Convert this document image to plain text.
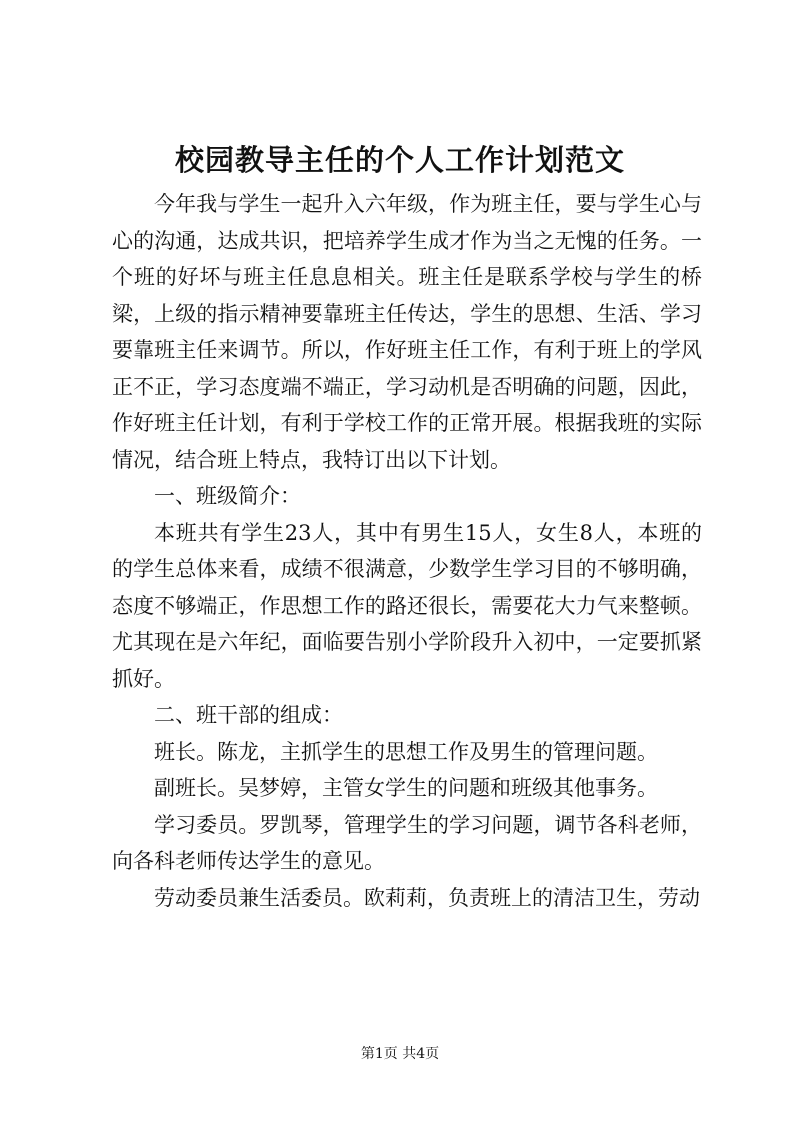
校园教导主任的个人工作计划范文

今年我与学生一起升入六年级，作为班主任，要与学生心与心的沟通，达成共识，把培养学生成才作为当之无愧的任务。一个班的好坏与班主任息息相关。班主任是联系学校与学生的桥梁，上级的指示精神要靠班主任传达，学生的思想、生活、学习要靠班主任来调节。所以，作好班主任工作，有利于班上的学风正不正，学习态度端不端正，学习动机是否明确的问题，因此，作好班主任计划，有利于学校工作的正常开展。根据我班的实际情况，结合班上特点，我特订出以下计划。

一、班级简介：

本班共有学生23人，其中有男生15人，女生8人，本班的的学生总体来看，成绩不很满意，少数学生学习目的不够明确，态度不够端正，作思想工作的路还很长，需要花大力气来整顿。尤其现在是六年纪，面临要告别小学阶段升入初中，一定要抓紧抓好。

二、班干部的组成：

班长。陈龙，主抓学生的思想工作及男生的管理问题。

副班长。吴梦婷，主管女学生的问题和班级其他事务。

学习委员。罗凯琴，管理学生的学习问题，调节各科老师，向各科老师传达学生的意见。

劳动委员兼生活委员。欧莉莉，负责班上的清洁卫生，劳动

第1页 共4页
